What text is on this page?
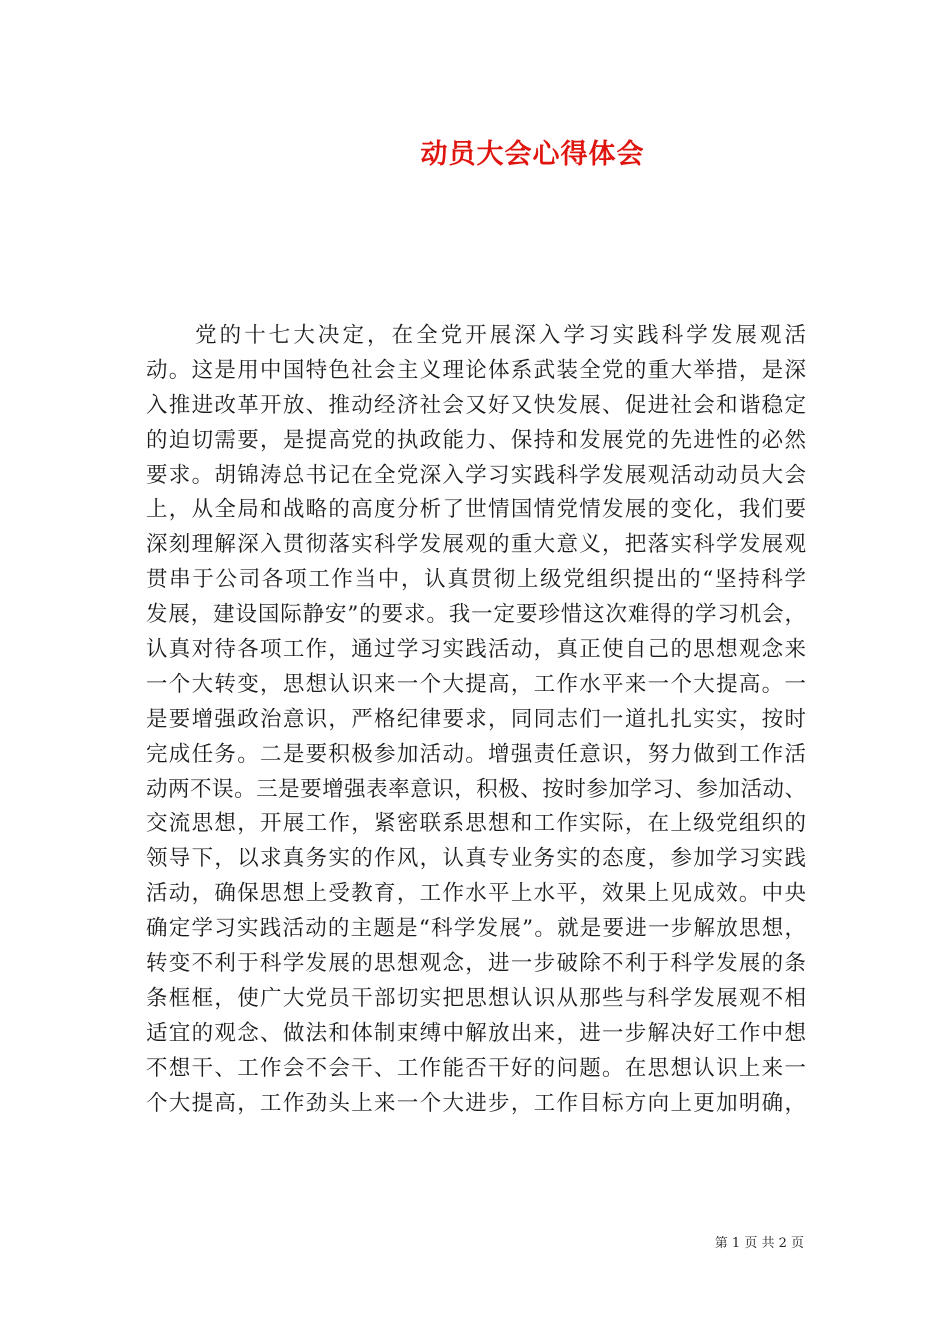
动员大会心得体会
　　党的十七大决定，在全党开展深入学习实践科学发展观活
动。这是用中国特色社会主义理论体系武装全党的重大举措，是深
入推进改革开放、推动经济社会又好又快发展、促进社会和谐稳定
的迫切需要，是提高党的执政能力、保持和发展党的先进性的必然
要求。胡锦涛总书记在全党深入学习实践科学发展观活动动员大会
上，从全局和战略的高度分析了世情国情党情发展的变化，我们要
深刻理解深入贯彻落实科学发展观的重大意义，把落实科学发展观
贯串于公司各项工作当中，认真贯彻上级党组织提出的“坚持科学
发展，建设国际静安”的要求。我一定要珍惜这次难得的学习机会，
认真对待各项工作，通过学习实践活动，真正使自己的思想观念来
一个大转变，思想认识来一个大提高，工作水平来一个大提高。一
是要增强政治意识，严格纪律要求，同同志们一道扎扎实实，按时
完成任务。二是要积极参加活动。增强责任意识，努力做到工作活
动两不误。三是要增强表率意识，积极、按时参加学习、参加活动、
交流思想，开展工作，紧密联系思想和工作实际，在上级党组织的
领导下，以求真务实的作风，认真专业务实的态度，参加学习实践
活动，确保思想上受教育，工作水平上水平，效果上见成效。中央
确定学习实践活动的主题是“科学发展”。就是要进一步解放思想，
转变不利于科学发展的思想观念，进一步破除不利于科学发展的条
条框框，使广大党员干部切实把思想认识从那些与科学发展观不相
适宜的观念、做法和体制束缚中解放出来，进一步解决好工作中想
不想干、工作会不会干、工作能否干好的问题。在思想认识上来一
个大提高，工作劲头上来一个大进步，工作目标方向上更加明确，
第 1 页 共 2 页
